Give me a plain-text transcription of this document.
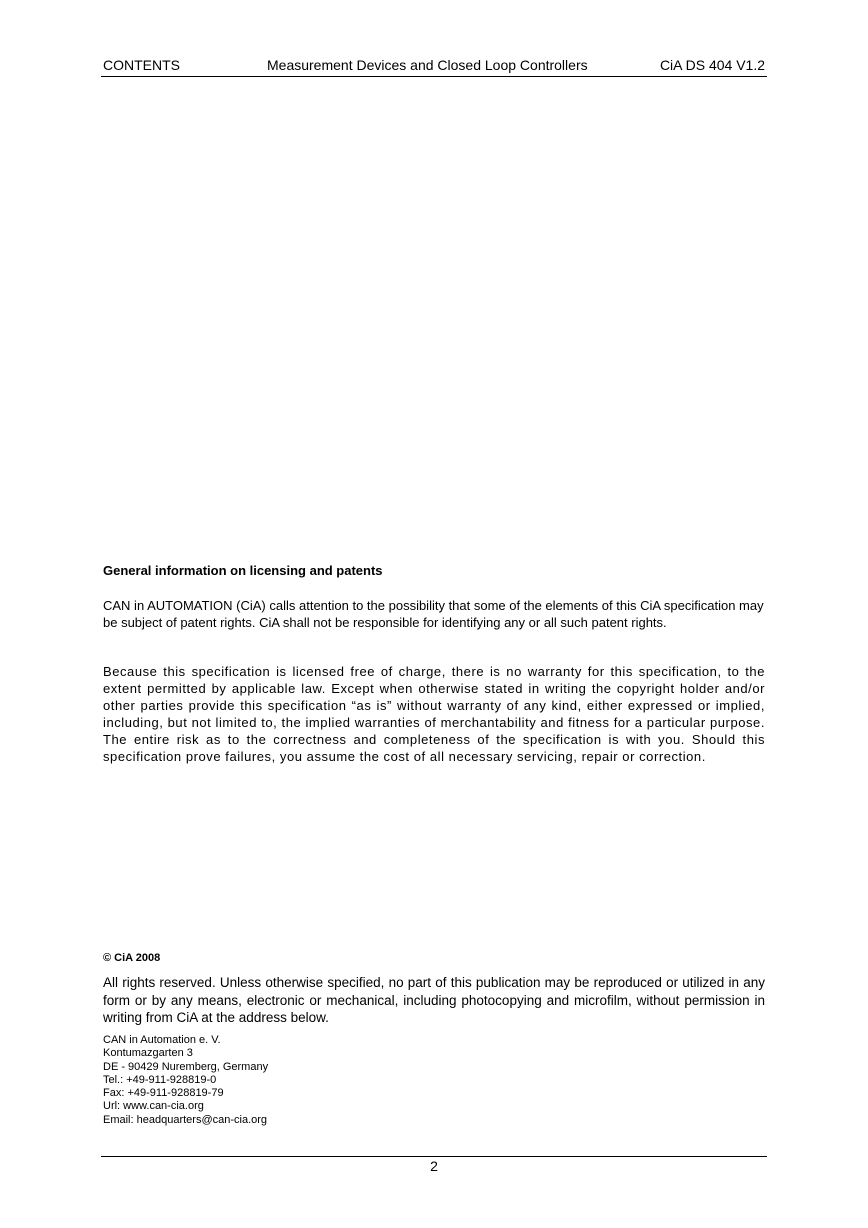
CONTENTS	Measurement Devices and Closed Loop Controllers	CiA DS 404 V1.2
General information on licensing and patents
CAN in AUTOMATION (CiA) calls attention to the possibility that some of the elements of this CiA specification may be subject of patent rights. CiA shall not be responsible for identifying any or all such patent rights.
Because this specification is licensed free of charge, there is no warranty for this specification, to the extent permitted by applicable law. Except when otherwise stated in writing the copyright holder and/or other parties provide this specification “as is” without warranty of any kind, either expressed or implied, including, but not limited to, the implied warranties of merchantability and fitness for a particular purpose. The entire risk as to the correctness and completeness of the specification is with you. Should this specification prove failures, you assume the cost of all necessary servicing, repair or correction.
© CiA 2008
All rights reserved. Unless otherwise specified, no part of this publication may be reproduced or utilized in any form or by any means, electronic or mechanical, including photocopying and microfilm, without permission in writing from CiA at the address below.
CAN in Automation e. V.
Kontumazgarten 3
DE - 90429 Nuremberg, Germany
Tel.: +49-911-928819-0
Fax: +49-911-928819-79
Url: www.can-cia.org
Email: headquarters@can-cia.org
2
